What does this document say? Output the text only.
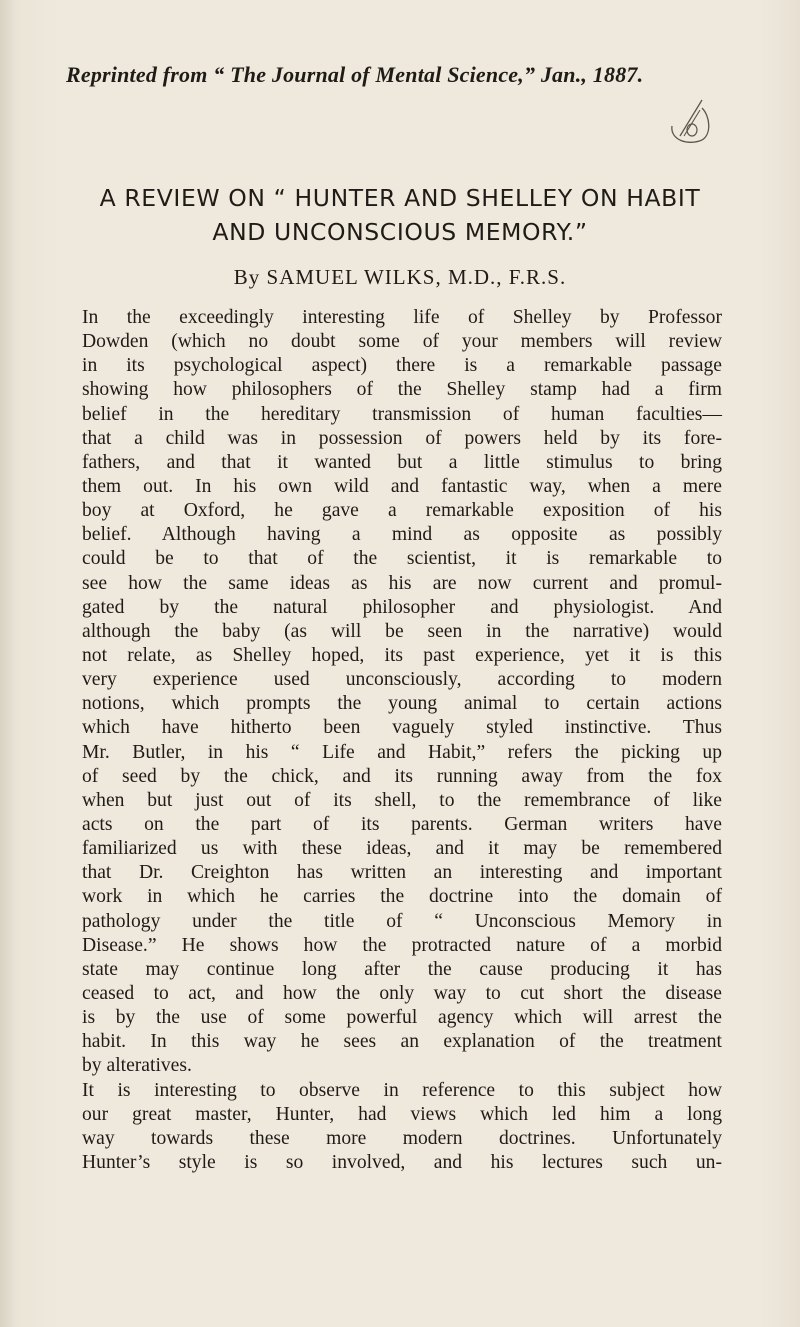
Reprinted from “ The Journal of Mental Science,” Jan., 1887.
A REVIEW ON “ HUNTER AND SHELLEY ON HABIT
AND UNCONSCIOUS MEMORY.”
By SAMUEL WILKS, M.D., F.R.S.
In the exceedingly interesting life of Shelley by Professor
Dowden (which no doubt some of your members will review
in its psychological aspect) there is a remarkable passage
showing how philosophers of the Shelley stamp had a firm
belief in the hereditary transmission of human faculties—
that a child was in possession of powers held by its fore-
fathers, and that it wanted but a little stimulus to bring
them out. In his own wild and fantastic way, when a mere
boy at Oxford, he gave a remarkable exposition of his
belief. Although having a mind as opposite as possibly
could be to that of the scientist, it is remarkable to
see how the same ideas as his are now current and promul-
gated by the natural philosopher and physiologist. And
although the baby (as will be seen in the narrative) would
not relate, as Shelley hoped, its past experience, yet it is this
very experience used unconsciously, according to modern
notions, which prompts the young animal to certain actions
which have hitherto been vaguely styled instinctive. Thus
Mr. Butler, in his “ Life and Habit,” refers the picking up
of seed by the chick, and its running away from the fox
when but just out of its shell, to the remembrance of like
acts on the part of its parents. German writers have
familiarized us with these ideas, and it may be remembered
that Dr. Creighton has written an interesting and important
work in which he carries the doctrine into the domain of
pathology under the title of “ Unconscious Memory in
Disease.” He shows how the protracted nature of a morbid
state may continue long after the cause producing it has
ceased to act, and how the only way to cut short the disease
is by the use of some powerful agency which will arrest the
habit. In this way he sees an explanation of the treatment
by alteratives.
It is interesting to observe in reference to this subject how
our great master, Hunter, had views which led him a long
way towards these more modern doctrines. Unfortunately
Hunter’s style is so involved, and his lectures such un-
